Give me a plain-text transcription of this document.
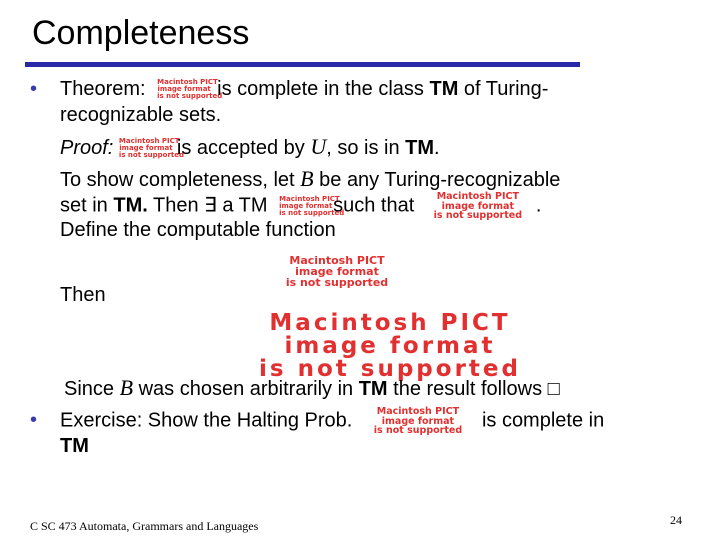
Completeness
• Theorem: Macintosh PICT
image format
is not supportedis complete in the class TM of Turing-
recognizable sets.
Proof: Macintosh PICT
image format
is not supportedis accepted by U, so is in TM.
To show completeness, let B be any Turing-recognizable
set in TM. Then ∃ a TM Macintosh PICT
image format
is not supportedsuch that Macintosh PICT
image format
is not supported .
Define the computable function
Macintosh PICT
image format
is not supported
Then
Macintosh PICT
image format
is not supported
Since B was chosen arbitrarily in TM the result follows □
• Exercise: Show the Halting Prob.	Macintosh PICT
image format
is not supported is complete in
TM
C SC 473 Automata, Grammars and Languages	24
